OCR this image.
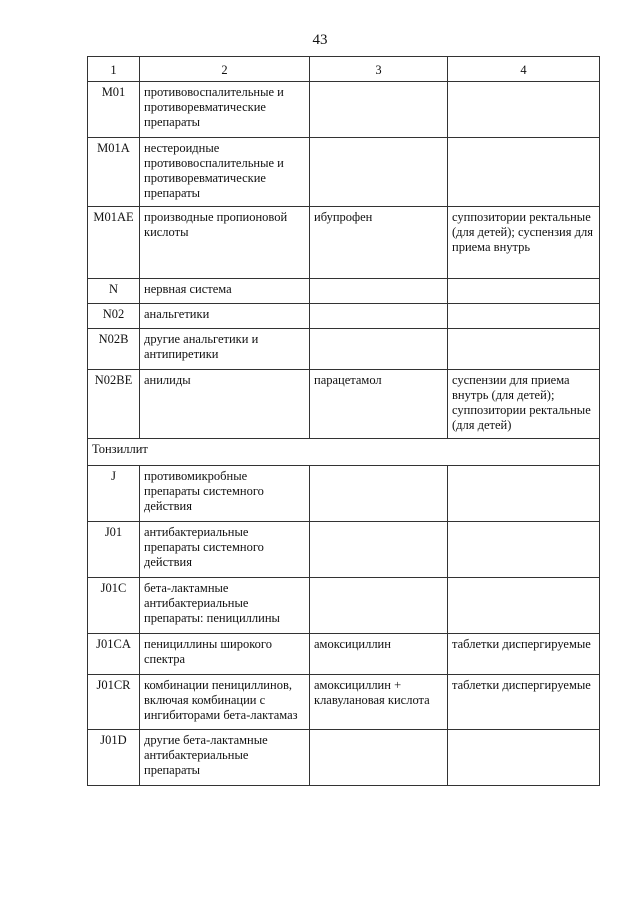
43
1	2	3	4
M01	противовоспалительные и противоревматические препараты		
M01A	нестероидные противовоспалительные и противоревматические препараты		
M01AE	производные пропионовой кислоты	ибупрофен	суппозитории ректальные (для детей); суспензия для приема внутрь
N	нервная система		
N02	анальгетики		
N02B	другие анальгетики и антипиретики		
N02BE	анилиды	парацетамол	суспензии для приема внутрь (для детей); суппозитории ректальные (для детей)
Тонзиллит			
J	противомикробные препараты системного действия		
J01	антибактериальные препараты системного действия		
J01C	бета-лактамные антибактериальные препараты: пенициллины		
J01CA	пенициллины широкого спектра	амоксициллин	таблетки диспергируемые
J01CR	комбинации пенициллинов, включая комбинации с ингибиторами бета-лактамаз	амоксициллин + клавулановая кислота	таблетки диспергируемые
J01D	другие бета-лактамные антибактериальные препараты		
